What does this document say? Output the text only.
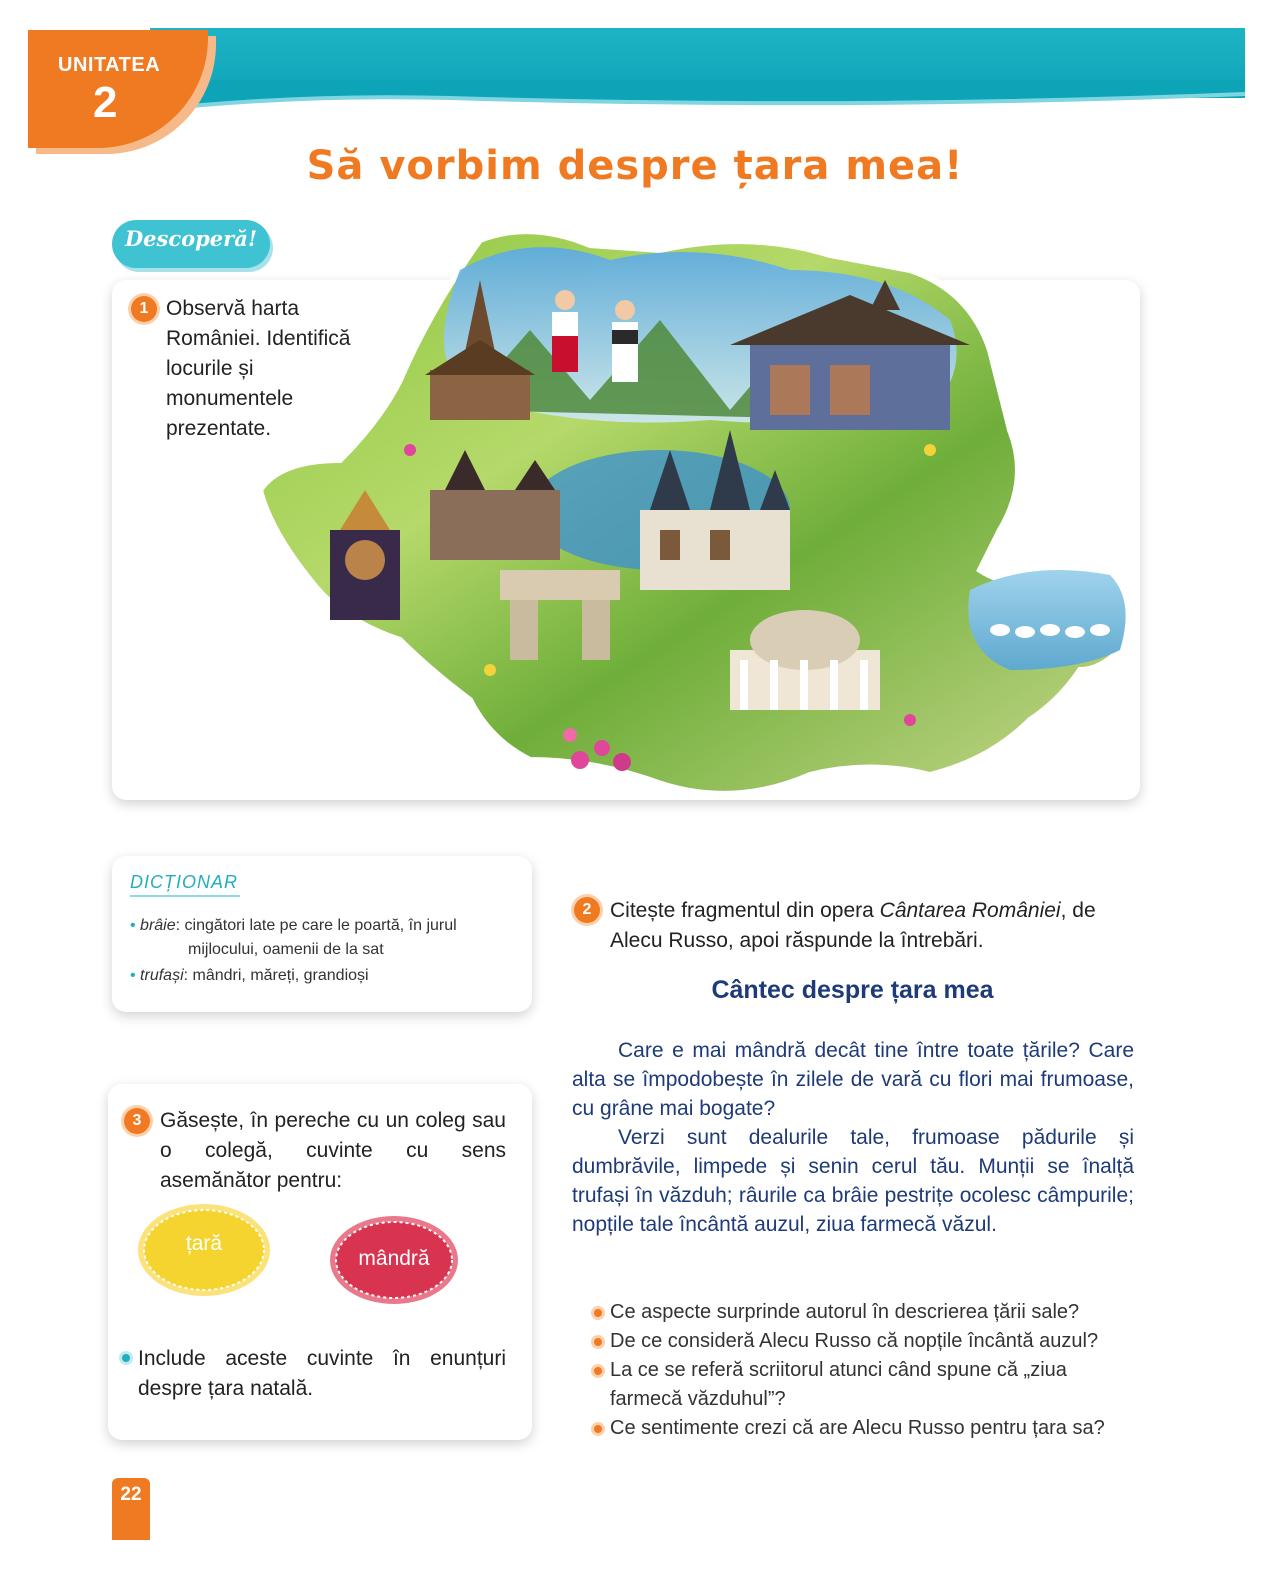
UNITATEA
2
Să vorbim despre țara mea!
Descoperă!
1 Observă harta României. Identifică locurile și monumentele prezentate.
DICȚIONAR
• brâie: cingători late pe care le poartă, în jurul
mijlocului, oamenii de la sat
• trufași: mândri, măreți, grandioși
3 Găsește, în pereche cu un coleg sau o colegă, cuvinte cu sens asemănător pentru:
țară
mândră
Include aceste cuvinte în enunțuri despre țara natală.
2 Citește fragmentul din opera Cântarea României, de Alecu Russo, apoi răspunde la întrebări.
Cântec despre țara mea

Care e mai mândră decât tine între toate țările? Care alta se împodobește în zilele de vară cu flori mai frumoase, cu grâne mai bogate?

Verzi sunt dealurile tale, frumoase pădurile și dumbrăvile, limpede și senin cerul tău. Munții se înalță trufași în văzduh; râurile ca brâie pestrițe ocolesc câmpurile; nopțile tale încântă auzul, ziua farmecă văzul.

Ce aspecte surprinde autorul în descrierea țării sale?
De ce consideră Alecu Russo că nopțile încântă auzul?
La ce se referă scriitorul atunci când spune că „ziua farmecă văzduhul”?
Ce sentimente crezi că are Alecu Russo pentru țara sa?
22
